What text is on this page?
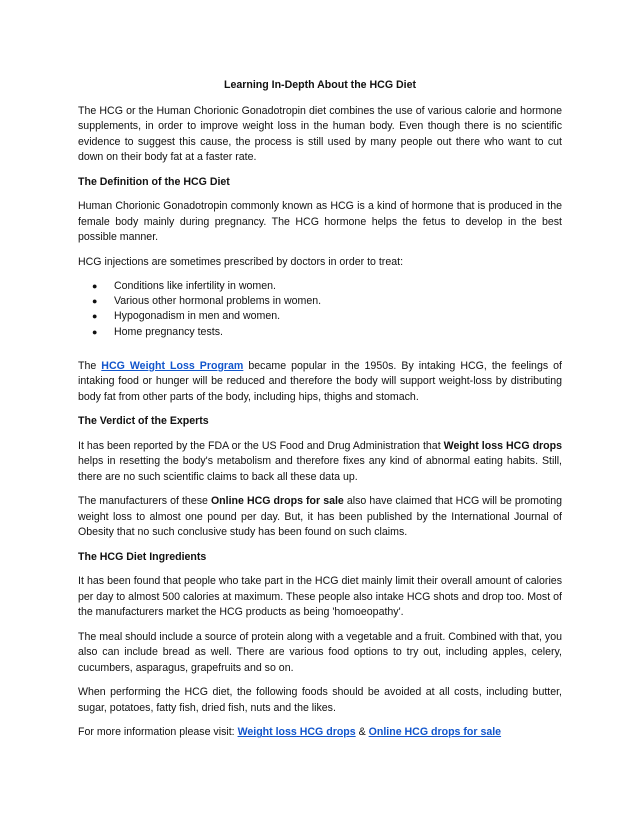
Learning In-Depth About the HCG Diet

The HCG or the Human Chorionic Gonadotropin diet combines the use of various calorie and hormone supplements, in order to improve weight loss in the human body. Even though there is no scientific evidence to suggest this cause, the process is still used by many people out there who want to cut down on their body fat at a faster rate.

The Definition of the HCG Diet

Human Chorionic Gonadotropin commonly known as HCG is a kind of hormone that is produced in the female body mainly during pregnancy. The HCG hormone helps the fetus to develop in the best possible manner.

HCG injections are sometimes prescribed by doctors in order to treat:

● Conditions like infertility in women.
● Various other hormonal problems in women.
● Hypogonadism in men and women.
● Home pregnancy tests.

The HCG Weight Loss Program became popular in the 1950s. By intaking HCG, the feelings of intaking food or hunger will be reduced and therefore the body will support weight-loss by distributing body fat from other parts of the body, including hips, thighs and stomach.

The Verdict of the Experts

It has been reported by the FDA or the US Food and Drug Administration that Weight loss HCG drops helps in resetting the body's metabolism and therefore fixes any kind of abnormal eating habits. Still, there are no such scientific claims to back all these data up.

The manufacturers of these Online HCG drops for sale also have claimed that HCG will be promoting weight loss to almost one pound per day. But, it has been published by the International Journal of Obesity that no such conclusive study has been found on such claims.

The HCG Diet Ingredients

It has been found that people who take part in the HCG diet mainly limit their overall amount of calories per day to almost 500 calories at maximum. These people also intake HCG shots and drop too. Most of the manufacturers market the HCG products as being 'homoeopathy'.

The meal should include a source of protein along with a vegetable and a fruit. Combined with that, you also can include bread as well. There are various food options to try out, including apples, celery, cucumbers, asparagus, grapefruits and so on.

When performing the HCG diet, the following foods should be avoided at all costs, including butter, sugar, potatoes, fatty fish, dried fish, nuts and the likes.

For more information please visit: Weight loss HCG drops & Online HCG drops for sale
